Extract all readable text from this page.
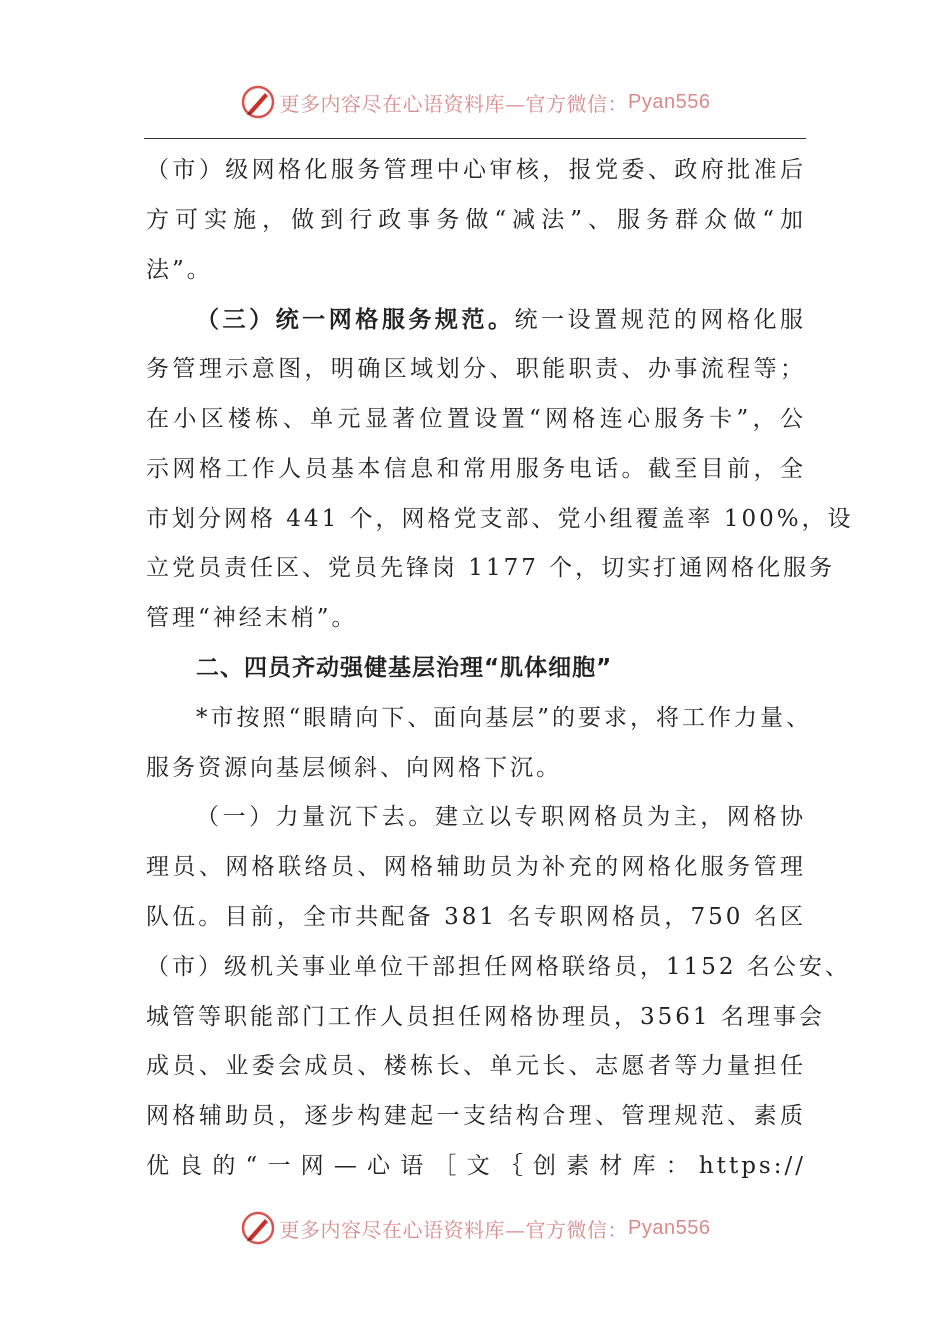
更多内容尽在心语资料库—官方微信： Pyan556
（市）级网格化服务管理中心审核，报党委、政府批准后
方可实施，做到行政事务做“减法”、服务群众做“加
法”。
（三）统一网格服务规范。统一设置规范的网格化服
务管理示意图，明确区域划分、职能职责、办事流程等；
在小区楼栋、单元显著位置设置“网格连心服务卡”，公
示网格工作人员基本信息和常用服务电话。截至目前，全
市划分网格 441 个，网格党支部、党小组覆盖率 100%，设
立党员责任区、党员先锋岗 1177 个，切实打通网格化服务
管理“神经末梢”。
二、四员齐动强健基层治理“肌体细胞”
*市按照“眼睛向下、面向基层”的要求，将工作力量、
服务资源向基层倾斜、向网格下沉。
（一）力量沉下去。建立以专职网格员为主，网格协
理员、网格联络员、网格辅助员为补充的网格化服务管理
队伍。目前，全市共配备 381 名专职网格员，750 名区
（市）级机关事业单位干部担任网格联络员，1152 名公安、
城管等职能部门工作人员担任网格协理员，3561 名理事会
成员、业委会成员、楼栋长、单元长、志愿者等力量担任
网格辅助员，逐步构建起一支结构合理、管理规范、素质
优良的“一网—心语［文｛创素材库：https://
更多内容尽在心语资料库—官方微信： Pyan556
